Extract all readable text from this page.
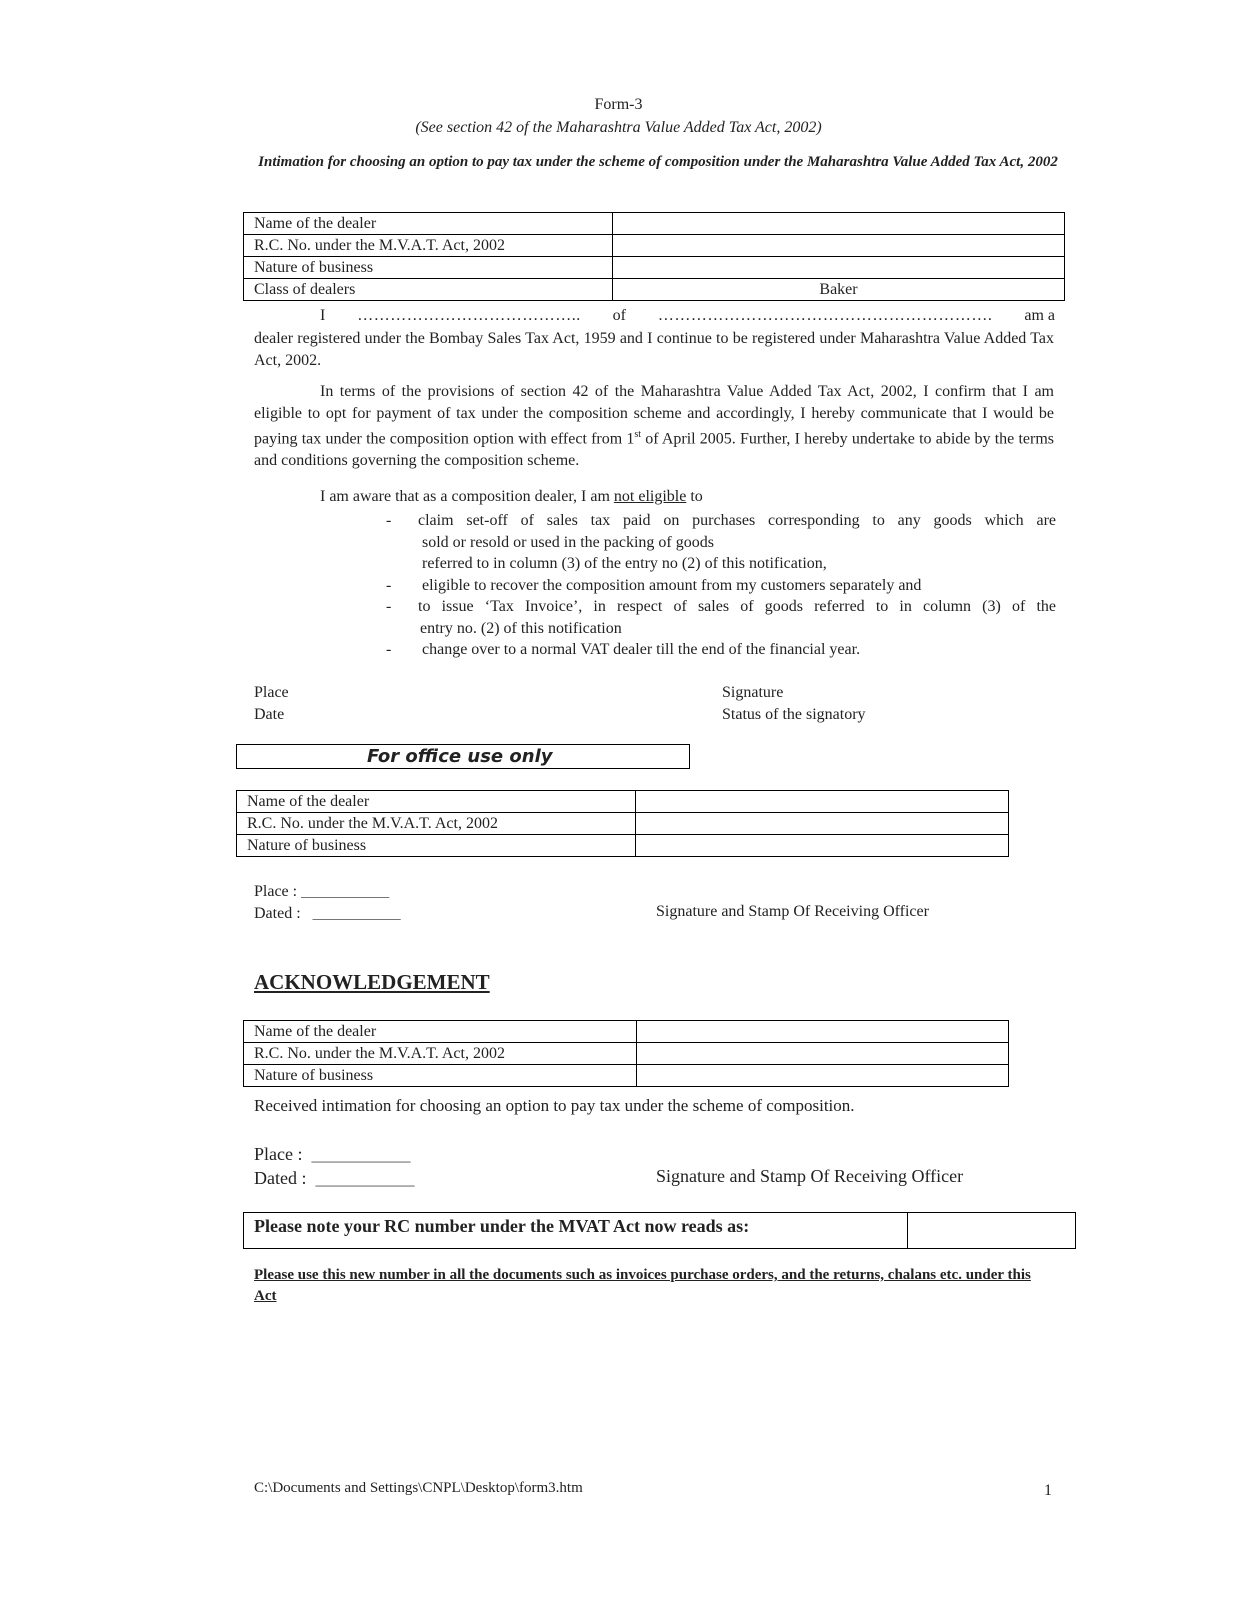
Form-3
(See section 42 of the Maharashtra Value Added Tax Act, 2002)
Intimation for choosing an option to pay tax under the scheme of composition under the Maharashtra Value Added Tax Act, 2002
Name of the dealer	
R.C. No. under the M.V.A.T. Act, 2002	
Nature of business	
Class of dealers	Baker
I ………………………………….. of ……………………………………………………. am a
dealer registered under the Bombay Sales Tax Act, 1959 and I continue to be registered under Maharashtra Value Added Tax Act, 2002.
In terms of the provisions of section 42 of the Maharashtra Value Added Tax Act, 2002, I confirm that I am eligible to opt for payment of tax under the composition scheme and accordingly, I hereby communicate that I would be paying tax under the composition option with effect from 1st of April 2005. Further, I hereby undertake to abide by the terms and conditions governing the composition scheme.
I am aware that as a composition dealer, I am not eligible to
-	claim set-off of sales tax paid on purchases corresponding to any goods which are
sold or resold or used in the packing of goods
referred to in column (3) of the entry no (2) of this notification,
-	eligible to recover the composition amount from my customers separately and
-	to issue ‘Tax Invoice’, in respect of sales of goods referred to in column (3) of the
entry no. (2) of this notification
-	change over to a normal VAT dealer till the end of the financial year.
Place
Date
Signature
Status of the signatory
For office use only
Name of the dealer	
R.C. No. under the M.V.A.T. Act, 2002	
Nature of business	
Place : ___________
Dated : ___________	Signature and Stamp Of Receiving Officer
ACKNOWLEDGEMENT
Name of the dealer	
R.C. No. under the M.V.A.T. Act, 2002	
Nature of business	
Received intimation for choosing an option to pay tax under the scheme of composition.
Place : ___________
Dated : ___________	Signature and Stamp Of Receiving Officer
Please note your RC number under the MVAT Act now reads as:
Please use this new number in all the documents such as invoices purchase orders, and the returns, chalans etc. under this Act
C:\Documents and Settings\CNPL\Desktop\form3.htm	1
